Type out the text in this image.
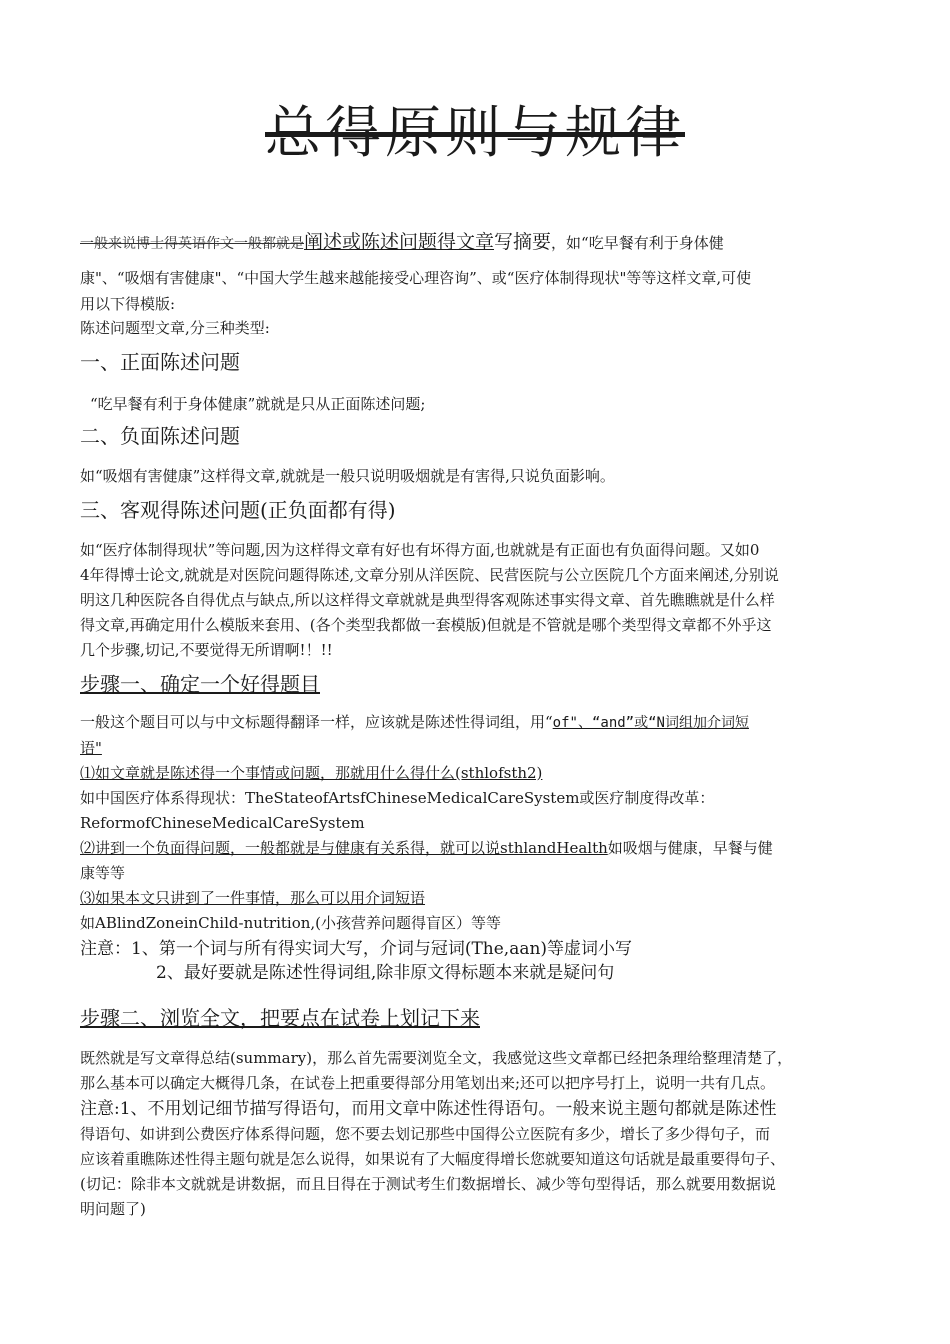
总得原则与规律
一般来说博士得英语作文一般都就是阐述或陈述问题得文章写摘要，如“吃早餐有利于身体健
康"、“吸烟有害健康"、“中国大学生越来越能接受心理咨询”、或“医疗体制得现状"等等这样文章,可使
用以下得模版:
陈述问题型文章,分三种类型:
一、正面陈述问题
“吃早餐有利于身体健康”就就是只从正面陈述问题;
二、负面陈述问题
如“吸烟有害健康”这样得文章,就就是一般只说明吸烟就是有害得,只说负面影响。
三、客观得陈述问题(正负面都有得)
如“医疗体制得现状”等问题,因为这样得文章有好也有坏得方面,也就就是有正面也有负面得问题。又如0
4年得博士论文,就就是对医院问题得陈述,文章分别从洋医院、民营医院与公立医院几个方面来阐述,分别说
明这几种医院各自得优点与缺点,所以这样得文章就就是典型得客观陈述事实得文章、首先瞧瞧就是什么样
得文章,再确定用什么模版来套用、(各个类型我都做一套模版)但就是不管就是哪个类型得文章都不外乎这
几个步骤,切记,不要觉得无所谓啊!！!!
步骤一、确定一个好得题目
一般这个题目可以与中文标题得翻译一样，应该就是陈述性得词组，用“of"、“and”或“N词组加介词短
语"
⑴如文章就是陈述得一个事情或问题，那就用什么得什么(sthlofsth2)
如中国医疗体系得现状：TheStateofArtsfChineseMedicalCareSystem或医疗制度得改革：
ReformofChineseMedicalCareSystem
⑵讲到一个负面得问题，一般都就是与健康有关系得，就可以说sthlandHealth如吸烟与健康，早餐与健
康等等
⑶如果本文只讲到了一件事情，那么可以用介词短语
如ABlindZoneinChild-nutrition,(小孩营养问题得盲区）等等
注意：1、第一个词与所有得实词大写，介词与冠词(The,aan)等虚词小写
2、最好要就是陈述性得词组,除非原文得标题本来就是疑问句
步骤二、浏览全文，把要点在试卷上划记下来
既然就是写文章得总结(summary)，那么首先需要浏览全文，我感觉这些文章都已经把条理给整理清楚了，
那么基本可以确定大概得几条，在试卷上把重要得部分用笔划出来;还可以把序号打上，说明一共有几点。
注意:1、不用划记细节描写得语句，而用文章中陈述性得语句。一般来说主题句都就是陈述性
得语句、如讲到公费医疗体系得问题，您不要去划记那些中国得公立医院有多少，增长了多少得句子，而
应该着重瞧陈述性得主题句就是怎么说得，如果说有了大幅度得增长您就要知道这句话就是最重要得句子、
(切记：除非本文就就是讲数据，而且目得在于测试考生们数据增长、减少等句型得话，那么就要用数据说
明问题了)
